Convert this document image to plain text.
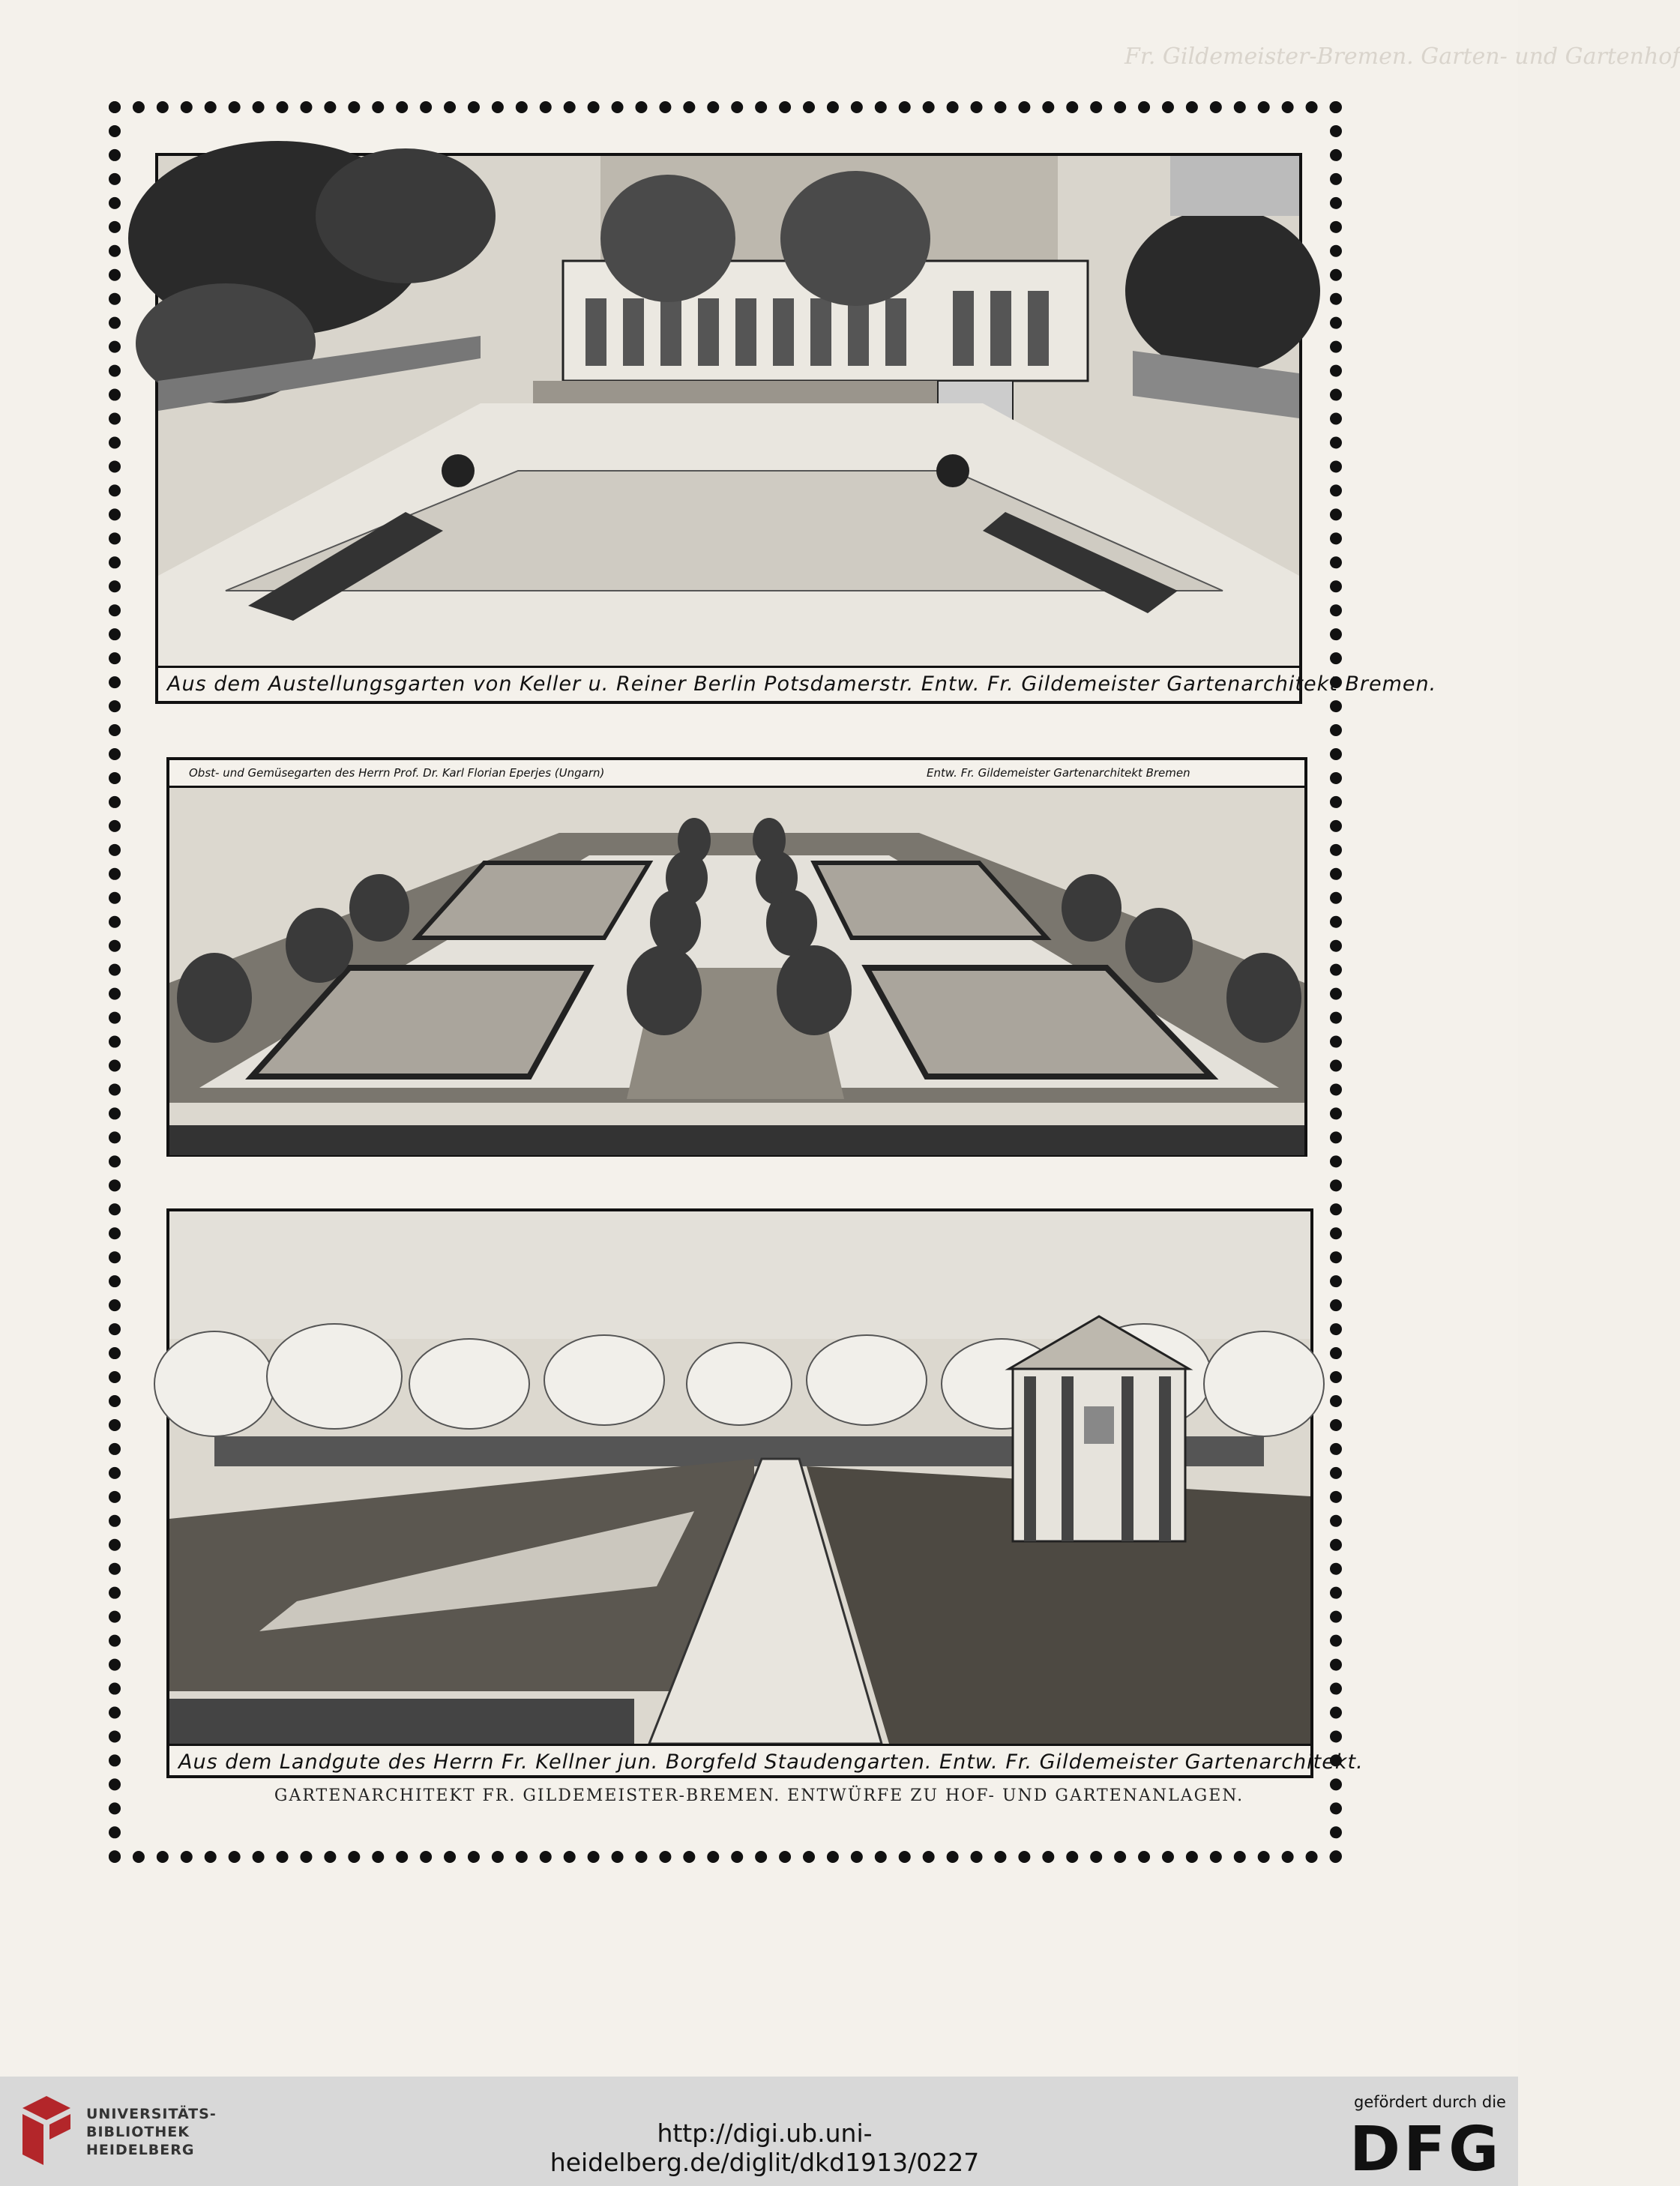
Fr. Gildemeister-Bremen. Garten- und Gartenhof
Aus dem Austellungsgarten von Keller u. Reiner Berlin Potsdamerstr. Entw. Fr. Gildemeister Gartenarchitekt Bremen.
Obst- und Gemüsegarten des Herrn Prof. Dr. Karl Florian Eperjes (Ungarn)	Entw. Fr. Gildemeister Gartenarchitekt Bremen
Aus dem Landgute des Herrn Fr. Kellner jun. Borgfeld Staudengarten. Entw. Fr. Gildemeister Gartenarchitekt.
GARTENARCHITEKT FR. GILDEMEISTER-BREMEN. ENTWÜRFE ZU HOF- UND GARTENANLAGEN.
UNIVERSITÄTS-
BIBLIOTHEK
HEIDELBERG
http://digi.ub.uni-heidelberg.de/diglit/dkd1913/0227
gefördert durch die
DFG
